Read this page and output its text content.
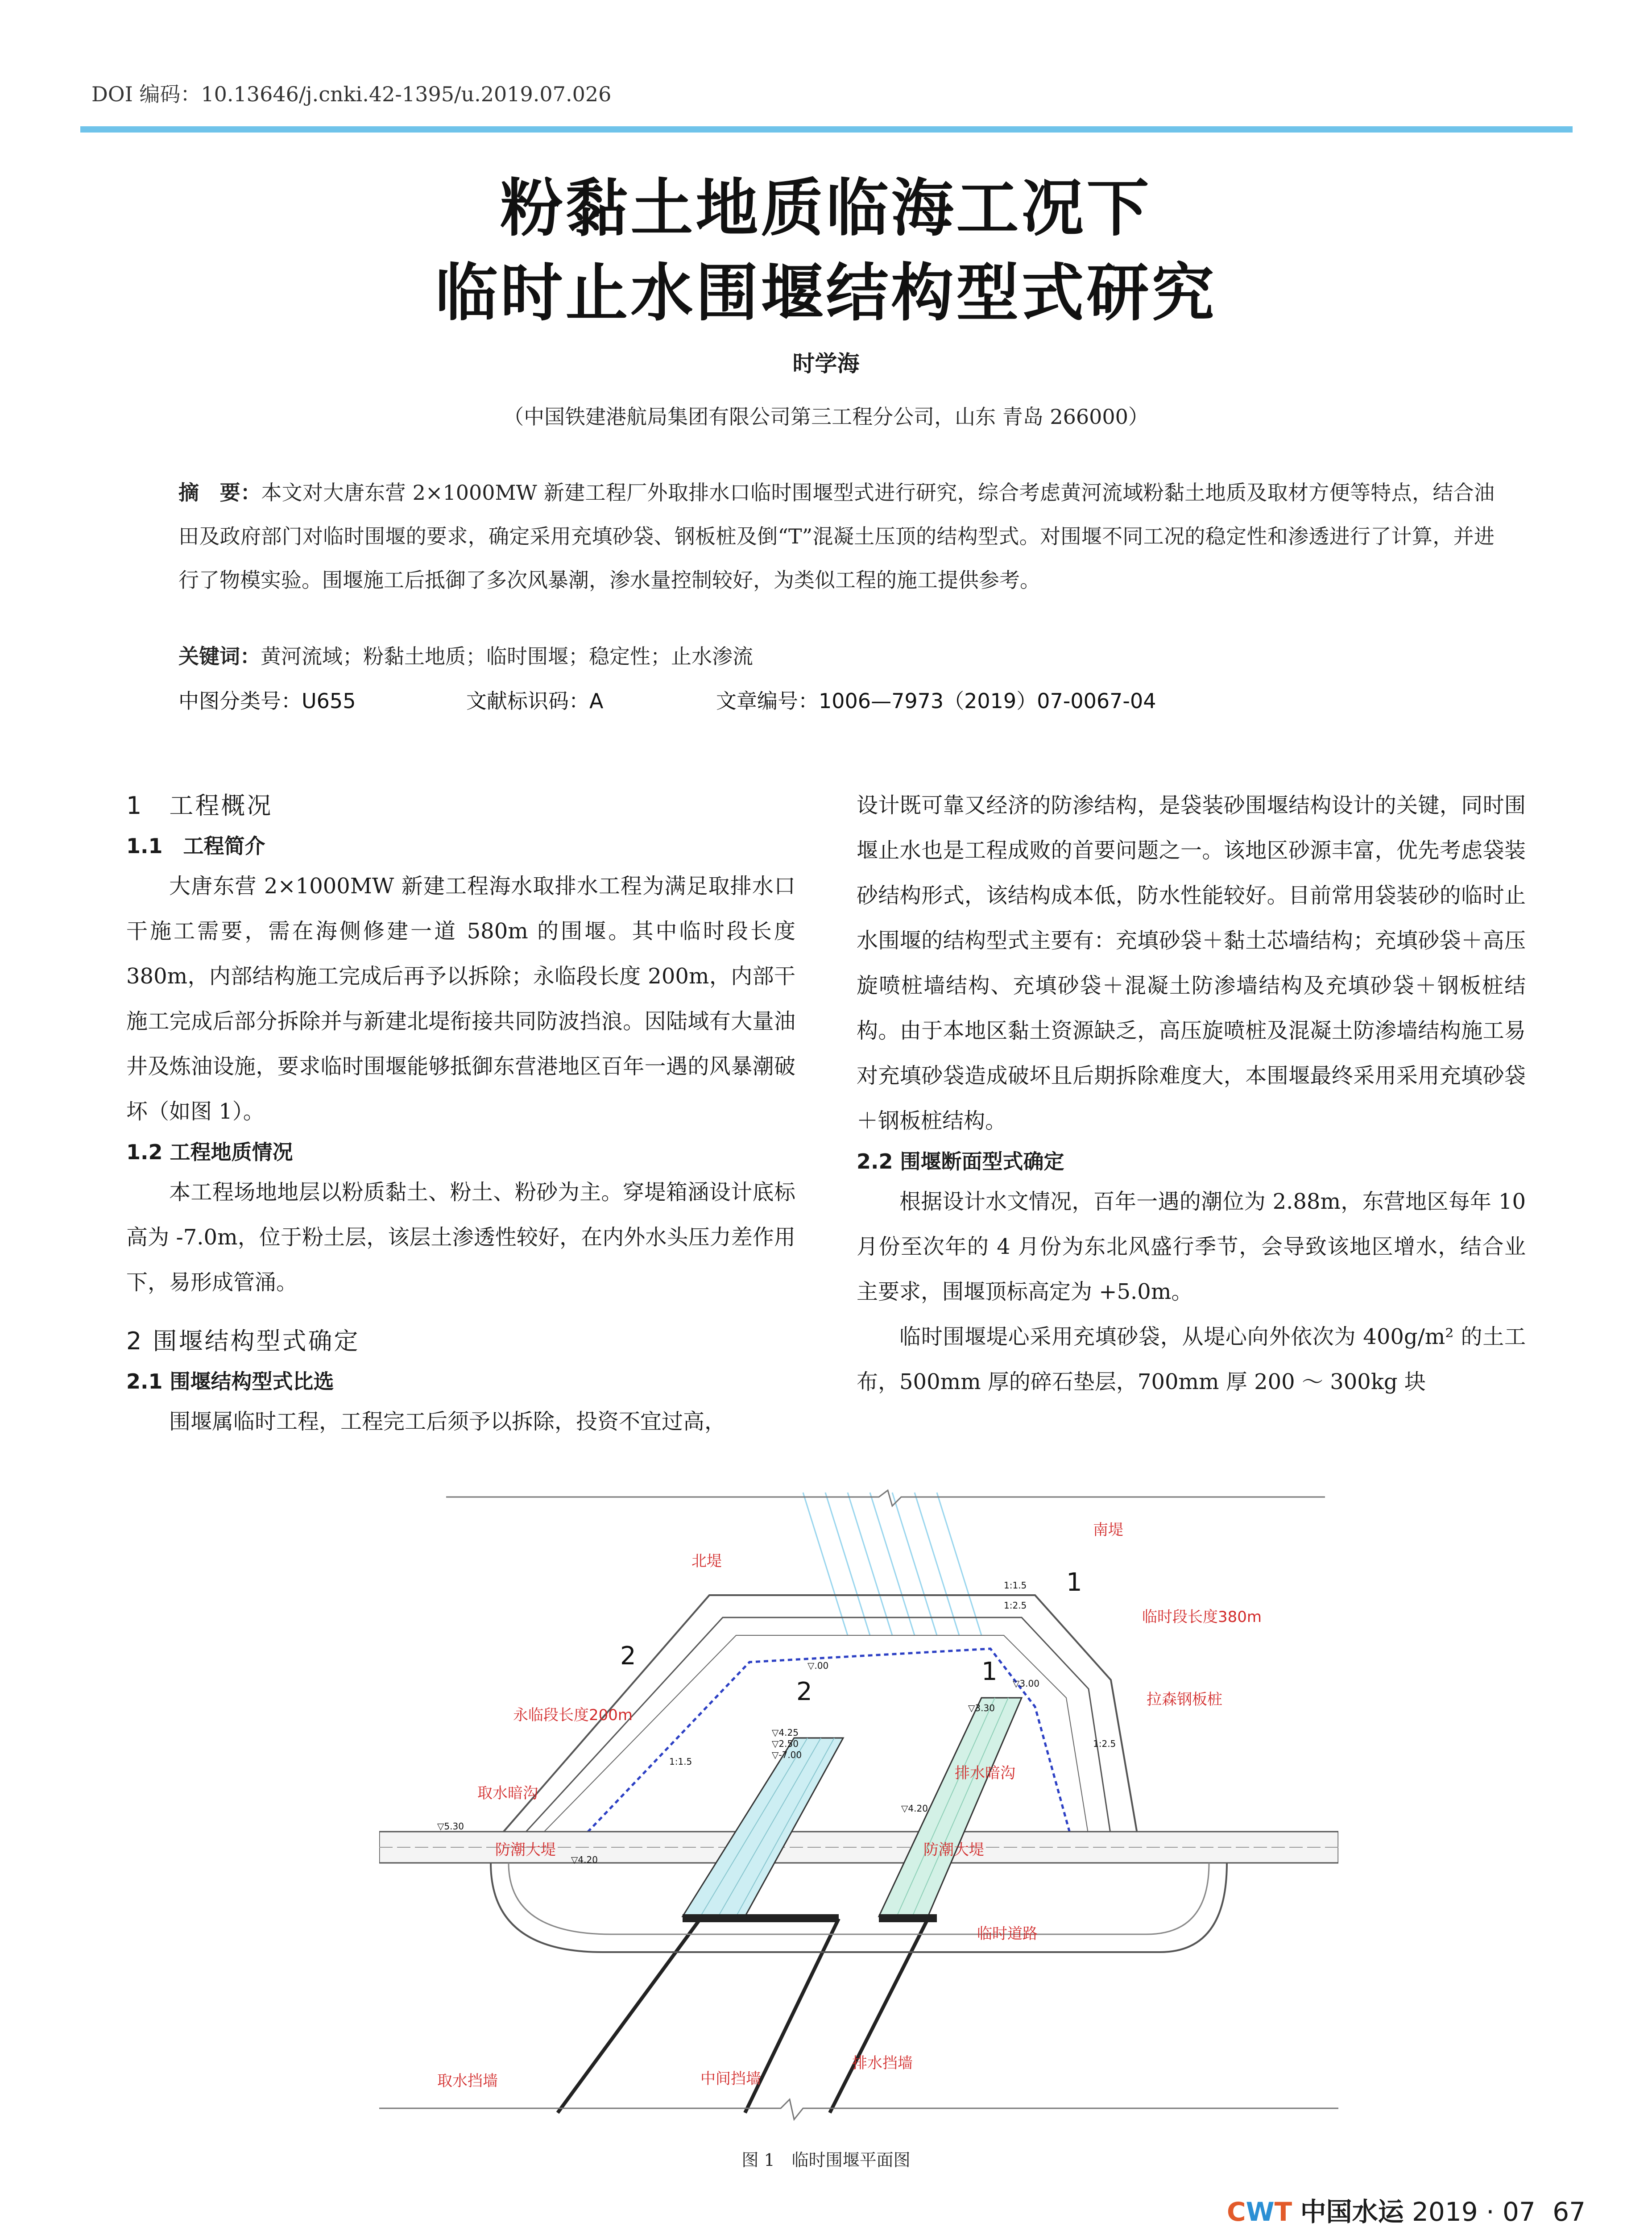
DOI 编码：10.13646/j.cnki.42-1395/u.2019.07.026
粉黏土地质临海工况下
临时止水围堰结构型式研究
时学海
（中国铁建港航局集团有限公司第三工程分公司，山东 青岛 266000）
摘　要：本文对大唐东营 2×1000MW 新建工程厂外取排水口临时围堰型式进行研究，综合考虑黄河流域粉黏土地质及取材方便等特点，结合油田及政府部门对临时围堰的要求，确定采用充填砂袋、钢板桩及倒“T”混凝土压顶的结构型式。对围堰不同工况的稳定性和渗透进行了计算，并进行了物模实验。围堰施工后抵御了多次风暴潮，渗水量控制较好，为类似工程的施工提供参考。
关键词：黄河流域；粉黏土地质；临时围堰；稳定性；止水渗流
中图分类号：U655	文献标识码：A	文章编号：1006—7973（2019）07-0067-04
1　工程概况
1.1　工程简介

大唐东营 2×1000MW 新建工程海水取排水工程为满足取排水口干施工需要，需在海侧修建一道 580m 的围堰。其中临时段长度 380m，内部结构施工完成后再予以拆除；永临段长度 200m，内部干施工完成后部分拆除并与新建北堤衔接共同防波挡浪。因陆域有大量油井及炼油设施，要求临时围堰能够抵御东营港地区百年一遇的风暴潮破坏（如图 1）。

1.2 工程地质情况

本工程场地地层以粉质黏土、粉土、粉砂为主。穿堤箱涵设计底标高为 -7.0m，位于粉土层，该层土渗透性较好，在内外水头压力差作用下，易形成管涌。

2 围堰结构型式确定
2.1 围堰结构型式比选

围堰属临时工程，工程完工后须予以拆除，投资不宜过高，

设计既可靠又经济的防渗结构，是袋装砂围堰结构设计的关键，同时围堰止水也是工程成败的首要问题之一。该地区砂源丰富，优先考虑袋装砂结构形式，该结构成本低，防水性能较好。目前常用袋装砂的临时止水围堰的结构型式主要有：充填砂袋＋黏土芯墙结构；充填砂袋＋高压旋喷桩墙结构、充填砂袋＋混凝土防渗墙结构及充填砂袋＋钢板桩结构。由于本地区黏土资源缺乏，高压旋喷桩及混凝土防渗墙结构施工易对充填砂袋造成破坏且后期拆除难度大，本围堰最终采用采用充填砂袋＋钢板桩结构。

2.2 围堰断面型式确定

根据设计水文情况，百年一遇的潮位为 2.88m，东营地区每年 10 月份至次年的 4 月份为东北风盛行季节，会导致该地区增水，结合业主要求，围堰顶标高定为 +5.0m。

临时围堰堤心采用充填砂袋，从堤心向外依次为 400g/m² 的土工布，500mm 厚的碎石垫层，700mm 厚 200 ～ 300kg 块

南堤
北堤
临时段长度380m
拉森钢板桩
永临段长度200m
取水暗沟
排水暗沟
防潮大堤	防潮大堤
临时道路
取水挡墙	中间挡墙
排水挡墙
1
1
2
2
▽.00
▽3.00
▽3.30
▽4.25
▽2.50
▽-7.00
▽4.20
▽5.30
▽4.20
1:1.5
1:2.5
1:1.5
1:2.5
图 1　临时围堰平面图
CWT 中国水运 2019 · 07 67
